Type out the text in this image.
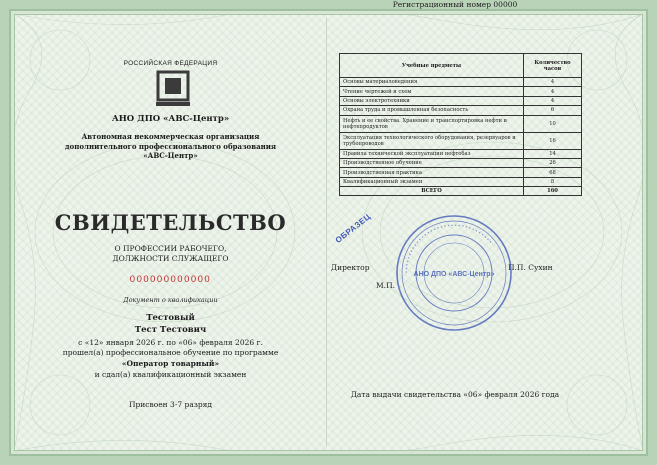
РОССИЙСКАЯ ФЕДЕРАЦИЯ
АНО ДПО «АВС-Центр»
Автономная некоммерческая организация
дополнительного профессионального образования
«АВС-Центр»
СВИДЕТЕЛЬСТВО
О ПРОФЕССИИ РАБОЧЕГО,
ДОЛЖНОСТИ СЛУЖАЩЕГО
000000000000
Документ о квалификации
Тестовый
Тест Тестович
с «12» января 2026 г. по «06» февраля 2026 г.
прошел(а) профессиональное обучение по программе
«Оператор товарный»
и сдал(а) квалификационный экзамен
Присвоен 3-7 разряд
Учебные предметы	Количество
часов

Основы материаловедения	4
Чтение чертежей и схем	4
Основы электротехники	4
Охрана труда и промышленная безопасность	6
Нефть и ее свойства. Хранение и транспортировка нефти и нефтепродуктов	10
Эксплуатация технологического оборудования, резервуаров и трубопроводов	16
Правила технической эксплуатации нефтебаз	14
Производственное обучение	26
Производственная практика	68
Квалификационный экзамен	8
ВСЕГО	160
ОБРАЗЕЦ
• • • • • • • • • • • • • • • • • • • • • • • • • • • • • • • • •
АНО ДПО «АВС-Центр»
Директор	П.П. Сухин
М.П.
Регистрационный номер 00000
Дата выдачи свидетельства «06» февраля 2026 года
